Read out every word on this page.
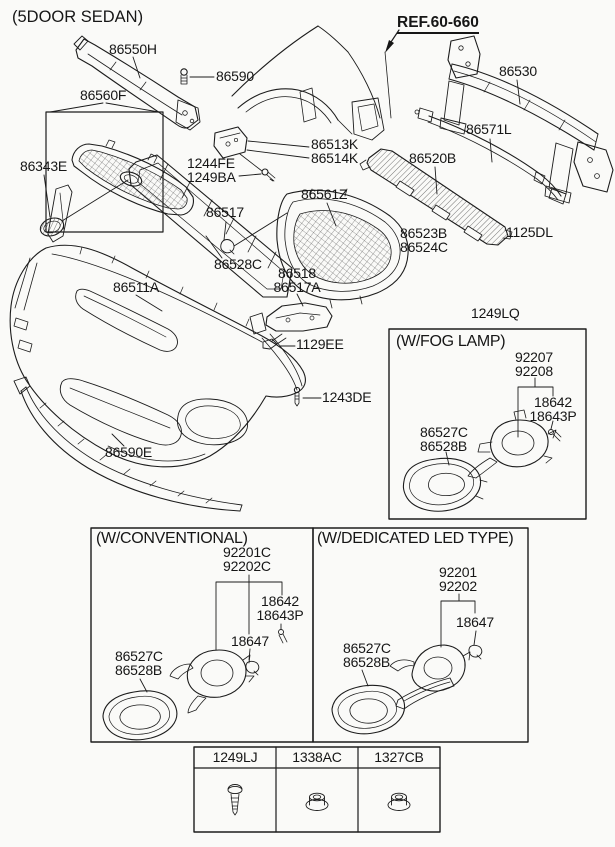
(5DOOR SEDAN)	REF.60-660
86550H
86590
86560F
86343E
86530
86571L
86513K
86514K
1244FE
1249BA
86520B
86561Z
86517
86523B
86524C
1125DL
86528C
86518
86517A
86511A
1249LQ
1129EE
1243DE
86590E
(W/FOG LAMP)
92207
92208
18642
18643P
86527C
86528B
(W/CONVENTIONAL)
92201C
92202C
18642
18643P
18647
86527C
86528B
(W/DEDICATED LED TYPE)
92201
92202
18647
86527C
86528B
1249LJ 1338AC 1327CB
